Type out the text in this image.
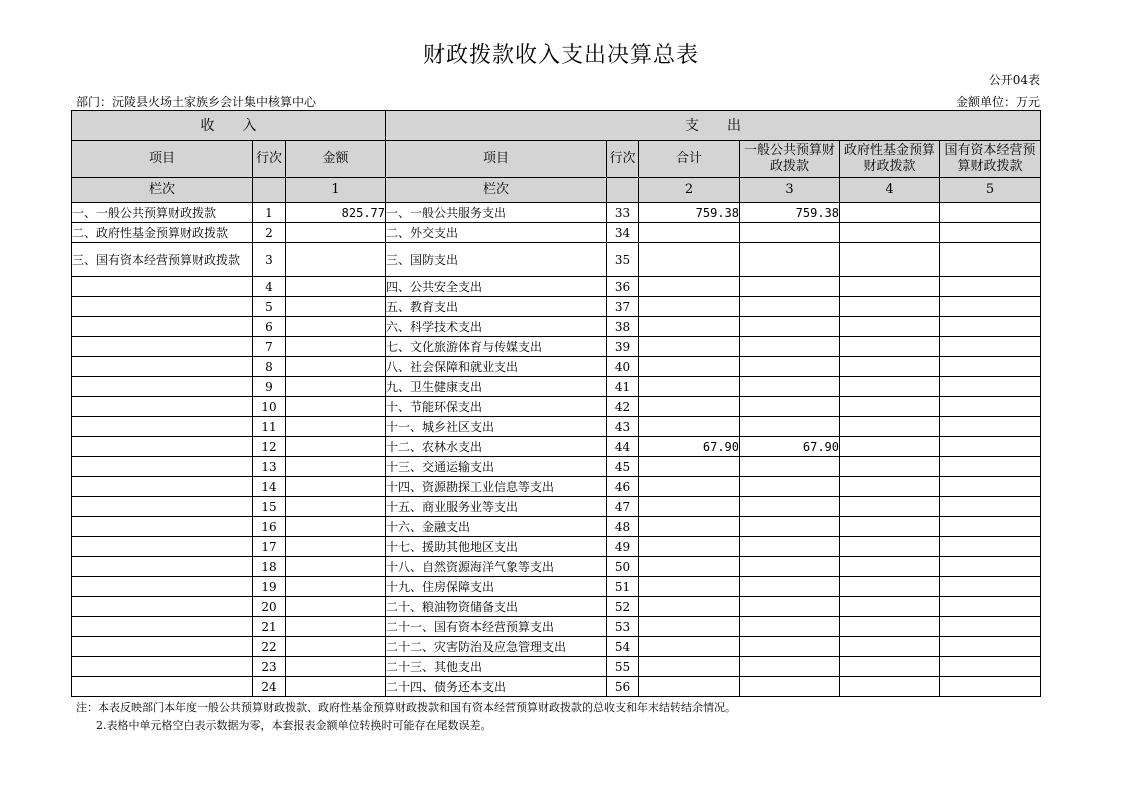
财政拨款收入支出决算总表
公开04表
部门：沅陵县火场土家族乡会计集中核算中心	金额单位：万元
收　　入			支　　出					
项目	行次	金额	项目	行次	合计	一般公共预算财政拨款	政府性基金预算财政拨款	国有资本经营预算财政拨款
栏次		1	栏次		2	3	4	5
一、一般公共预算财政拨款	1	825.77	一、一般公共服务支出	33	759.38	759.38		
二、政府性基金预算财政拨款	2		二、外交支出	34				
三、国有资本经营预算财政拨款	3		三、国防支出	35				
	4		四、公共安全支出	36				
	5		五、教育支出	37				
	6		六、科学技术支出	38				
	7		七、文化旅游体育与传媒支出	39				
	8		八、社会保障和就业支出	40				
	9		九、卫生健康支出	41				
	10		十、节能环保支出	42				
	11		十一、城乡社区支出	43				
	12		十二、农林水支出	44	67.90	67.90		
	13		十三、交通运输支出	45				
	14		十四、资源勘探工业信息等支出	46				
	15		十五、商业服务业等支出	47				
	16		十六、金融支出	48				
	17		十七、援助其他地区支出	49				
	18		十八、自然资源海洋气象等支出	50				
	19		十九、住房保障支出	51				
	20		二十、粮油物资储备支出	52				
	21		二十一、国有资本经营预算支出	53				
	22		二十二、灾害防治及应急管理支出	54				
	23		二十三、其他支出	55				
	24		二十四、债务还本支出	56				
注：本表反映部门本年度一般公共预算财政拨款、政府性基金预算财政拨款和国有资本经营预算财政拨款的总收支和年末结转结余情况。
2.表格中单元格空白表示数据为零，本套报表金额单位转换时可能存在尾数误差。
